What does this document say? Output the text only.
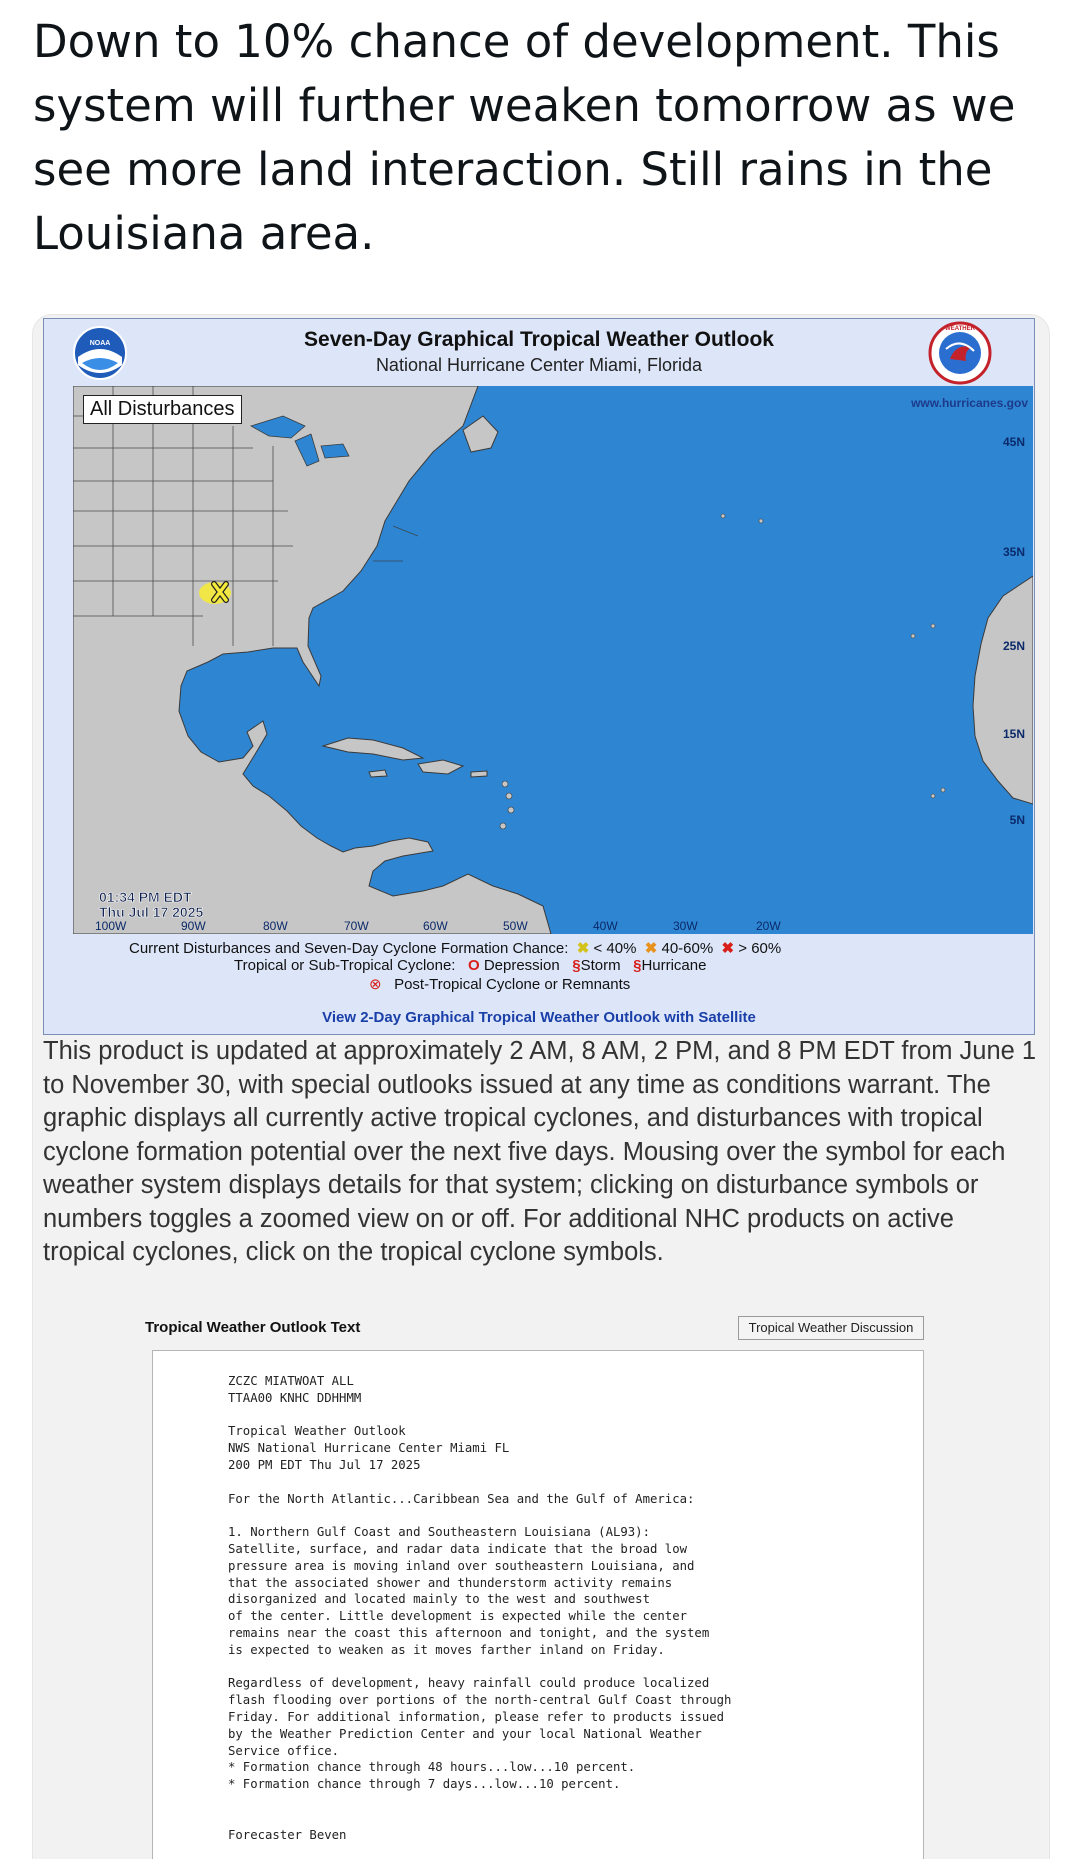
Down to 10% chance of development. This system will further weaken tomorrow as we see more land interaction. Still rains in the Louisiana area.
NOAA
WEATHER
Seven-Day Graphical Tropical Weather Outlook
National Hurricane Center Miami, Florida
www.hurricanes.gov
45N
35N
25N
15N
5N
100W	90W	80W	70W	60W	50W	40W	30W	20W
01:34 PM EDT
Thu Jul 17 2025
All Disturbances
Current Disturbances and Seven-Day Cyclone Formation Chance:  ✖ < 40%  ✖ 40-60%  ✖ > 60%
Tropical or Sub-Tropical Cyclone:   O Depression   §Storm   §Hurricane
⊗   Post-Tropical Cyclone or Remnants
View 2-Day Graphical Tropical Weather Outlook with Satellite
This product is updated at approximately 2 AM, 8 AM, 2 PM, and 8 PM EDT from June 1 to November 30, with special outlooks issued at any time as conditions warrant. The graphic displays all currently active tropical cyclones, and disturbances with tropical cyclone formation potential over the next five days. Mousing over the symbol for each weather system displays details for that system; clicking on disturbance symbols or numbers toggles a zoomed view on or off. For additional NHC products on active tropical cyclones, click on the tropical cyclone symbols.
Tropical Weather Outlook Text	Tropical Weather Discussion
ZCZC MIATWOAT ALL
TTAA00 KNHC DDHHMM

Tropical Weather Outlook
NWS National Hurricane Center Miami FL
200 PM EDT Thu Jul 17 2025

For the North Atlantic...Caribbean Sea and the Gulf of America:

1. Northern Gulf Coast and Southeastern Louisiana (AL93):
Satellite, surface, and radar data indicate that the broad low
pressure area is moving inland over southeastern Louisiana, and
that the associated shower and thunderstorm activity remains
disorganized and located mainly to the west and southwest
of the center. Little development is expected while the center
remains near the coast this afternoon and tonight, and the system
is expected to weaken as it moves farther inland on Friday.

Regardless of development, heavy rainfall could produce localized
flash flooding over portions of the north-central Gulf Coast through
Friday. For additional information, please refer to products issued
by the Weather Prediction Center and your local National Weather
Service office.
* Formation chance through 48 hours...low...10 percent.
* Formation chance through 7 days...low...10 percent.

Forecaster Beven
